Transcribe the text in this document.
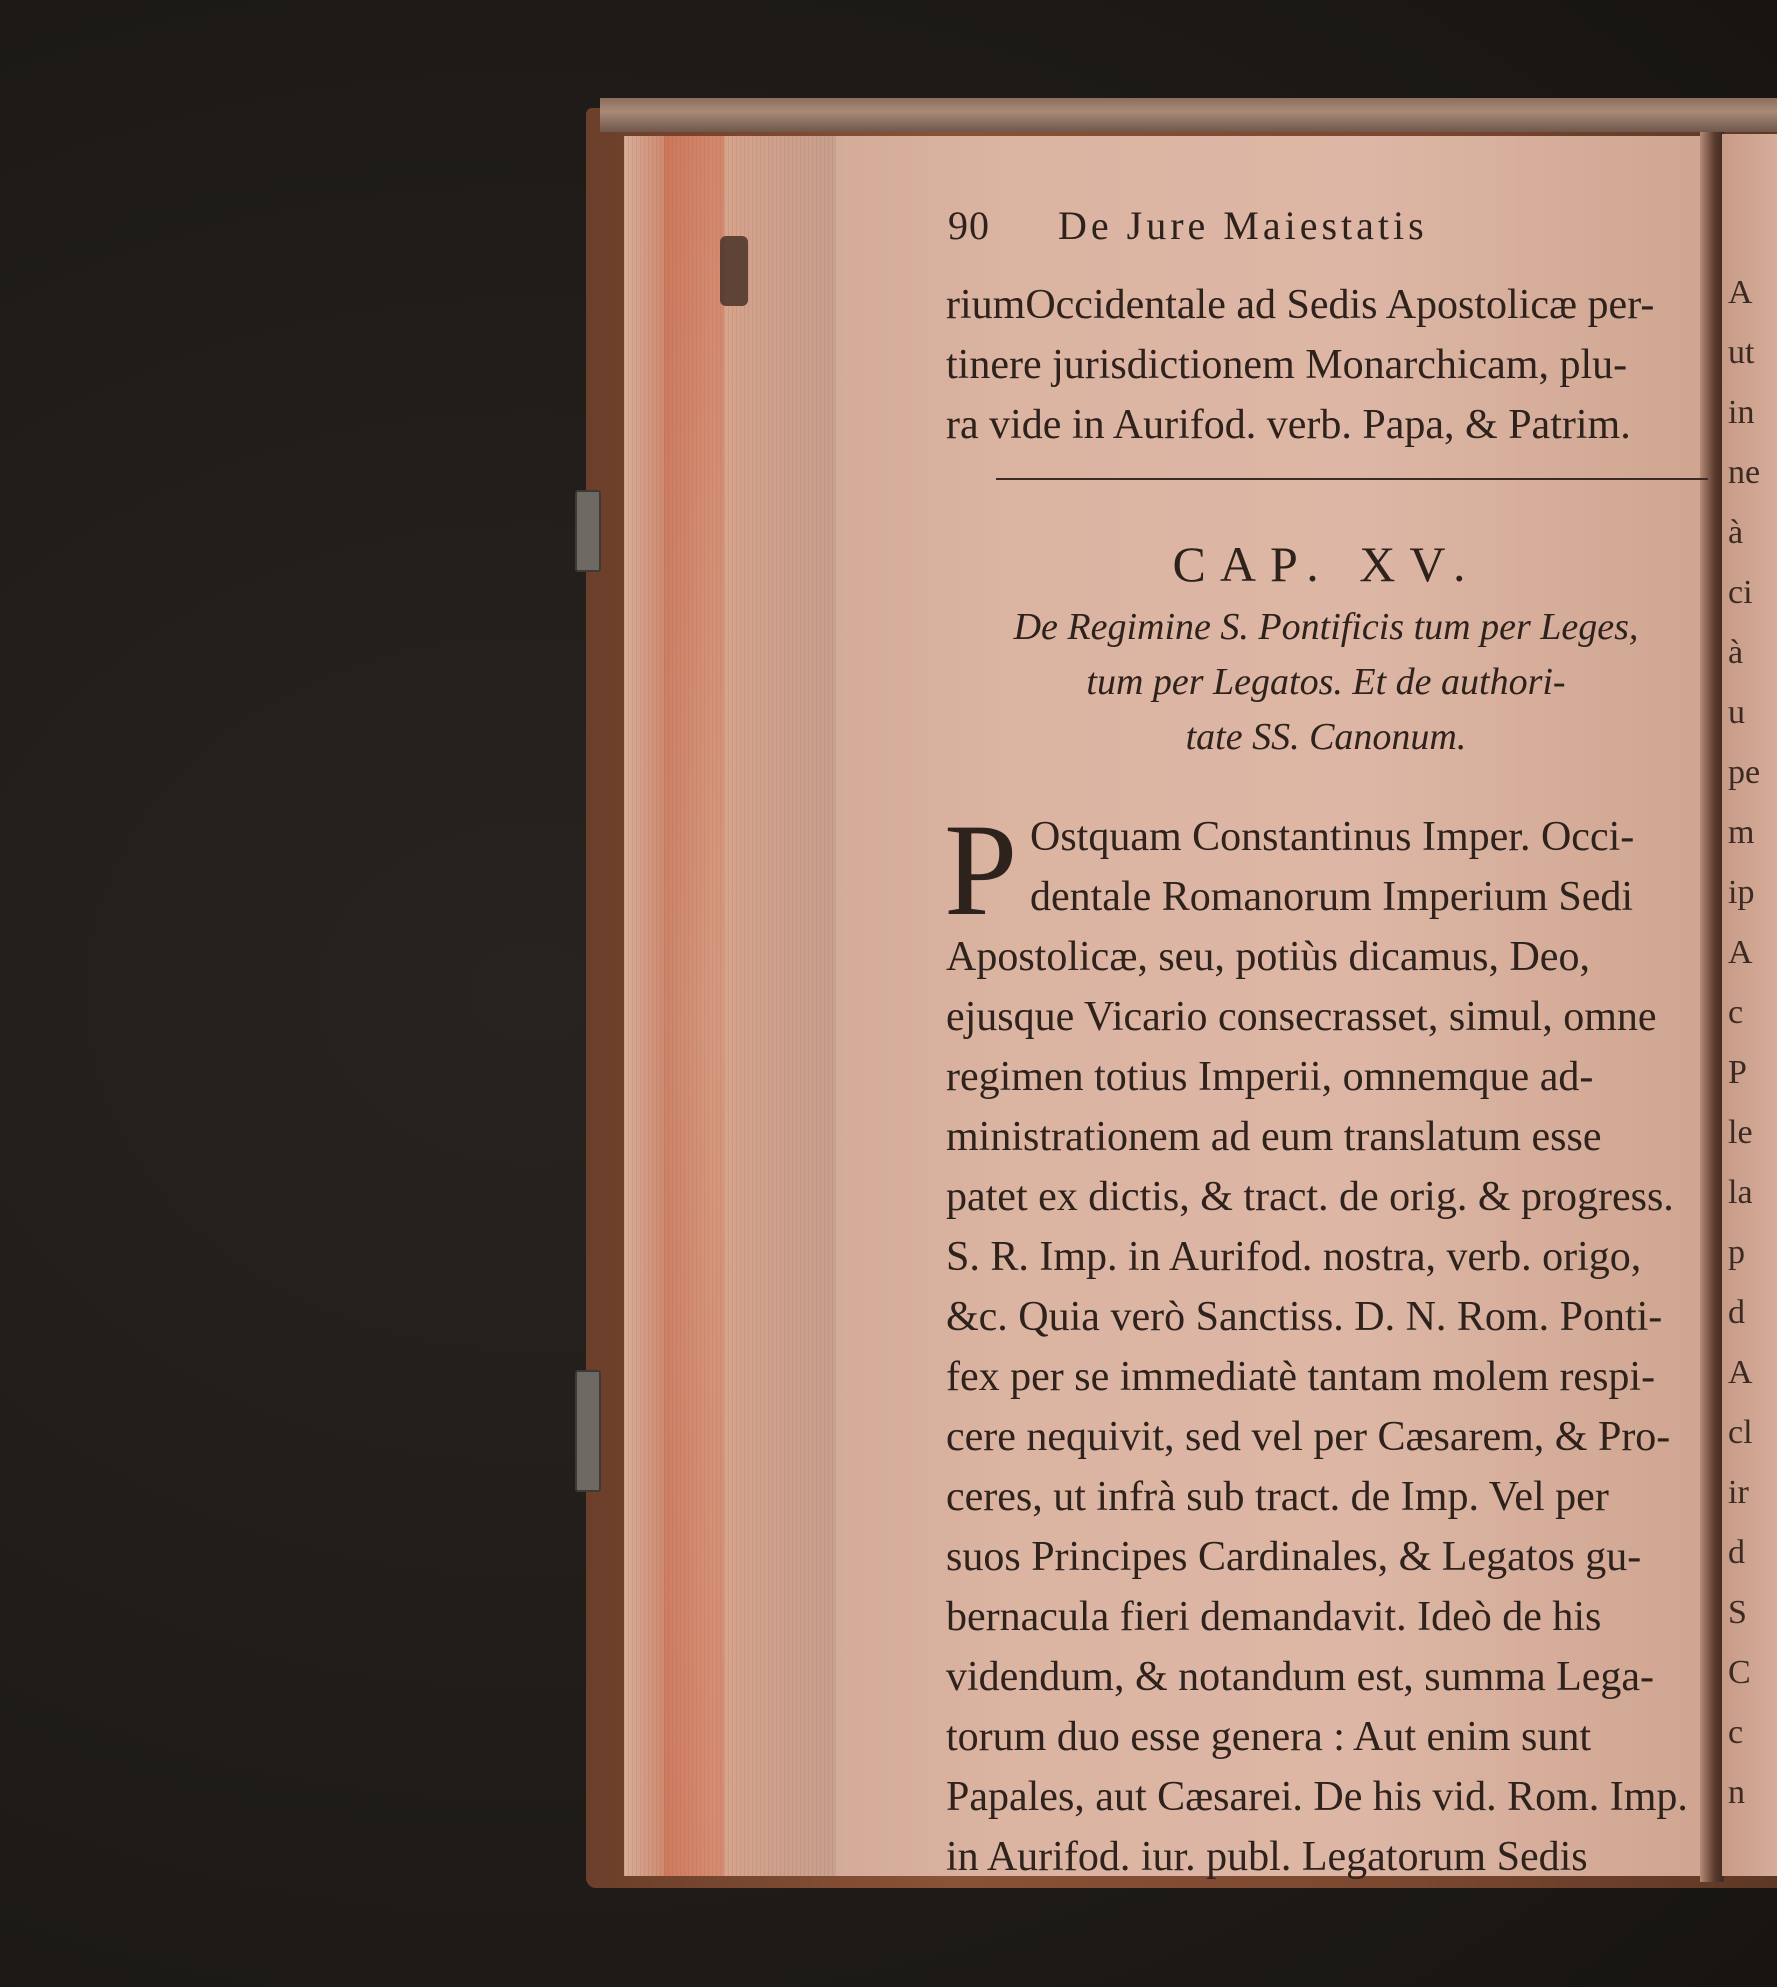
A
ut
in
ne
à
ci
à
u
pe
m
ip
A
c
P
le
la
p
d
A
cl
ir
d
S
C
c
n
90 De Jure Maiestatis
riumOccidentale ad Sedis Apostolicæ per-
tinere jurisdictionem Monarchicam, plu-
ra vide in Aurifod. verb. Papa, & Patrim.
CAP. XV.
De Regimine S. Pontificis tum per Leges,
tum per Legatos. Et de authori-
tate SS. Canonum.
P Ostquam Constantinus Imper. Occi-
dentale Romanorum Imperium Sedi
Apostolicæ, seu, potiùs dicamus, Deo,
ejusque Vicario consecrasset, simul, omne
regimen totius Imperii, omnemque ad-
ministrationem ad eum translatum esse
patet ex dictis, & tract. de orig. & progress.
S. R. Imp. in Aurifod. nostra, verb. origo,
&c. Quia verò Sanctiss. D. N. Rom. Ponti-
fex per se immediatè tantam molem respi-
cere nequivit, sed vel per Cæsarem, & Pro-
ceres, ut infrà sub tract. de Imp. Vel per
suos Principes Cardinales, & Legatos gu-
bernacula fieri demandavit. Ideò de his
videndum, & notandum est, summa Lega-
torum duo esse genera : Aut enim sunt
Papales, aut Cæsarei. De his vid. Rom. Imp.
in Aurifod. iur. publ. Legatorum Sedis
